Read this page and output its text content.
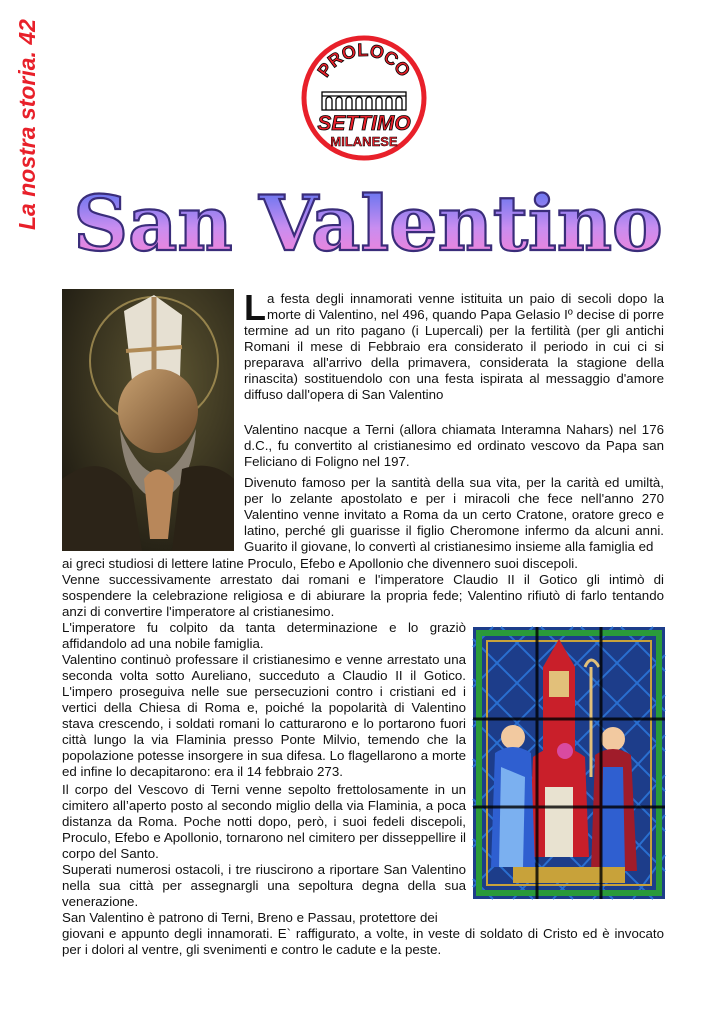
La nostra storia. 42	PROLOCO
SETTIMO
MILANESE
San Valentino

La festa degli innamorati venne istituita un paio di secoli dopo la morte di Valentino, nel 496, quando Papa Gelasio Iº decise di porre termine ad un rito pagano (i Lupercali) per la fertilità (per gli antichi Romani il mese di Febbraio era considerato il periodo in cui ci si preparava all'arrivo della primavera, considerata la stagione della rinascita) sostituendolo con una festa ispirata al messaggio d'amore diffuso dall'opera di San Valentino

Valentino nacque a Terni (allora chiamata Interamna Nahars) nel 176 d.C., fu convertito al cristianesimo ed ordinato vescovo da Papa san Feliciano di Foligno nel 197.

Divenuto famoso per la santità della sua vita, per la carità ed umiltà, per lo zelante apostolato e per i miracoli che fece nell'anno 270 Valentino venne invitato a Roma da un certo Cratone, oratore greco e latino, perché gli guarisse il figlio Cheromone infermo da alcuni anni. Guarito il giovane, lo convertì al cristianesimo insieme alla famiglia ed

ai greci studiosi di lettere latine Proculo, Efebo e Apollonio che divennero suoi discepoli.

Venne successivamente arrestato dai romani e l'imperatore Claudio II il Gotico gli intimò di sospendere la celebrazione religiosa e di abiurare la propria fede; Valentino rifiutò di farlo tentando anzi di convertire l'imperatore al cristianesimo.

L'imperatore fu colpito da tanta determinazione e lo graziò affidandolo ad una nobile famiglia.

Valentino continuò professare il cristianesimo e venne arrestato una seconda volta sotto Aureliano, succeduto a Claudio II il Gotico. L'impero proseguiva nelle sue persecuzioni contro i cristiani ed i vertici della Chiesa di Roma e, poiché la popolarità di Valentino stava crescendo, i soldati romani lo catturarono e lo portarono fuori città lungo la via Flaminia presso Ponte Milvio, temendo che la popolazione potesse insorgere in sua difesa. Lo flagellarono a morte ed infine lo decapitarono: era il 14 febbraio 273.

Il corpo del Vescovo di Terni venne sepolto frettolosamente in un cimitero all’aperto posto al secondo miglio della via Flaminia, a poca distanza da Roma. Poche notti dopo, però, i suoi fedeli discepoli, Proculo, Efebo e Apollonio, tornarono nel cimitero per disseppellire il corpo del Santo.

Superati numerosi ostacoli, i tre riuscirono a riportare San Valentino nella sua città per assegnargli una sepoltura degna della sua venerazione.

San Valentino è patrono di Terni, Breno e Passau, protettore dei

giovani e appunto degli innamorati. E` raffigurato, a volte, in veste di soldato di Cristo ed è invocato per i dolori al ventre, gli svenimenti e contro le cadute e la peste.
